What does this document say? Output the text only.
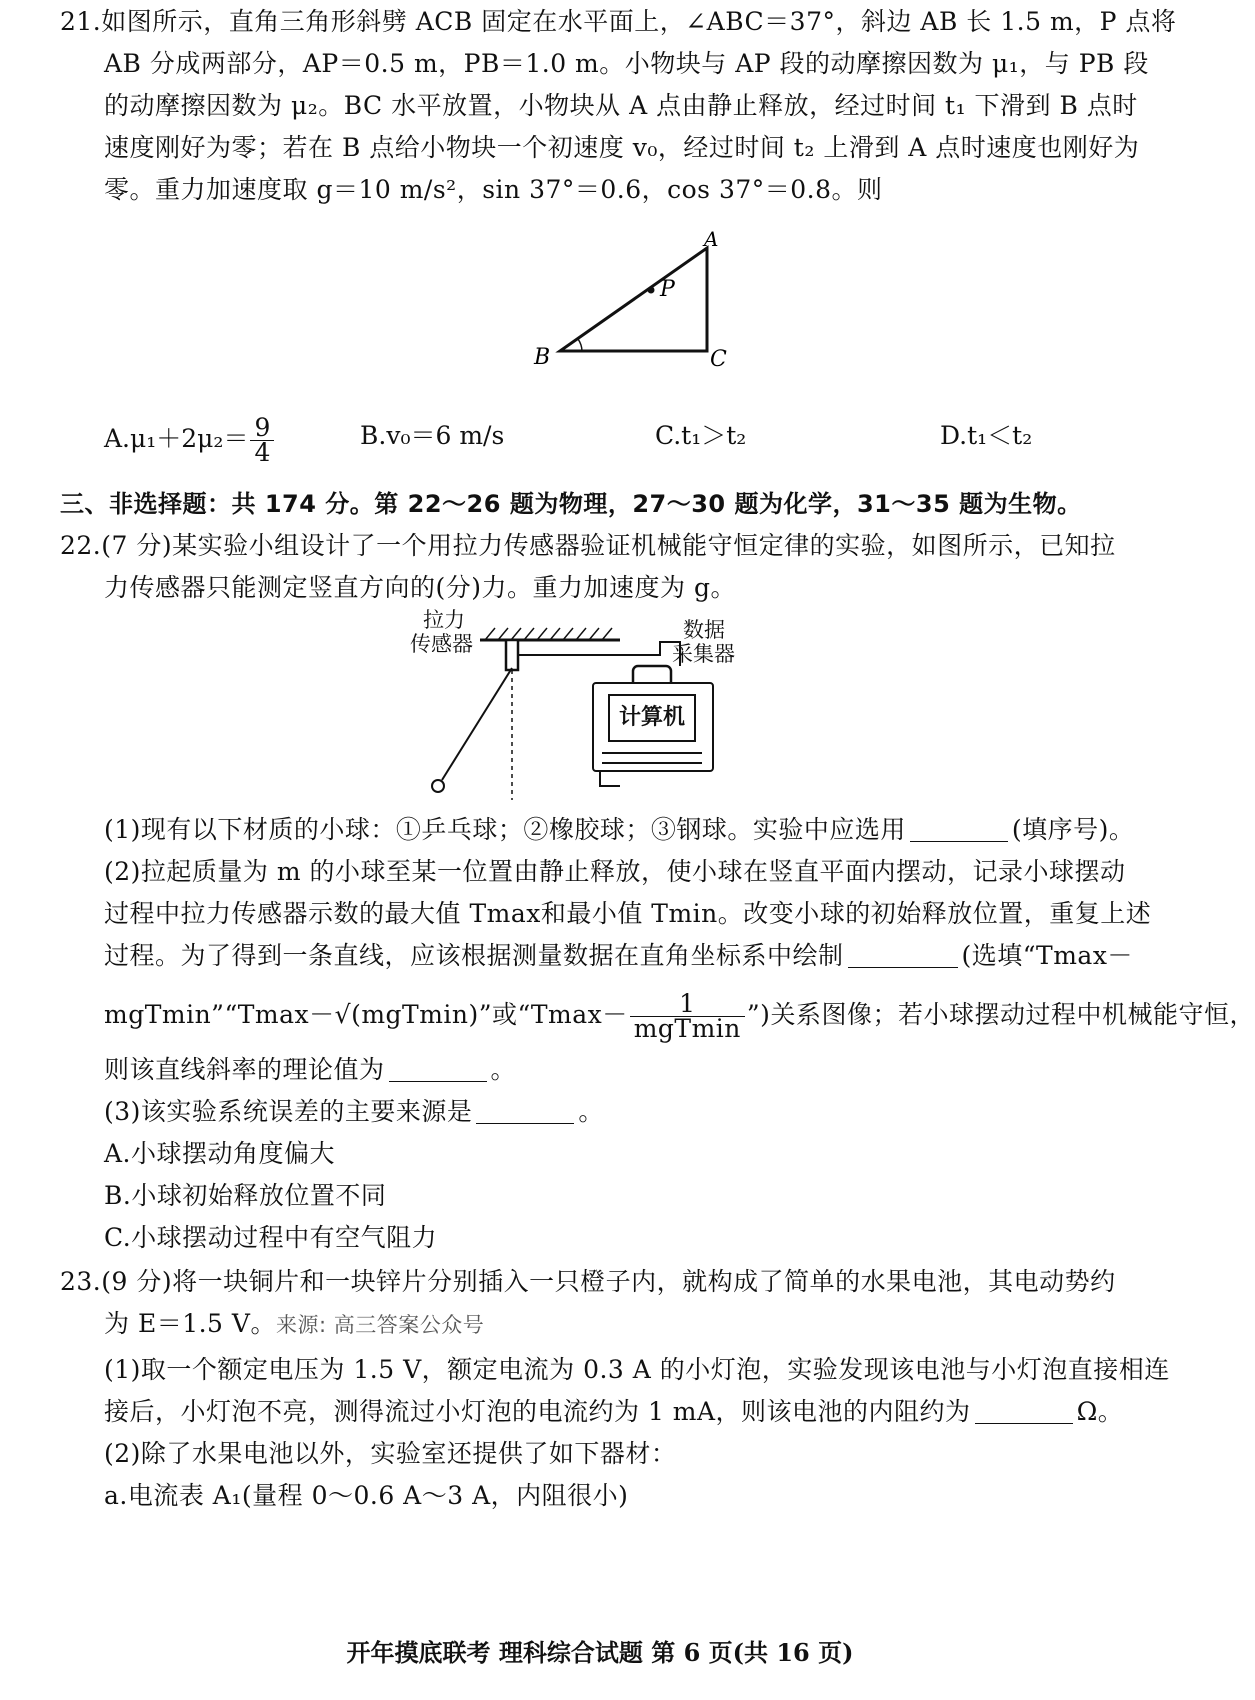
21.如图所示，直角三角形斜劈 ACB 固定在水平面上，∠ABC＝37°，斜边 AB 长 1.5 m，P 点将
AB 分成两部分，AP＝0.5 m，PB＝1.0 m。小物块与 AP 段的动摩擦因数为 μ₁，与 PB 段
的动摩擦因数为 μ₂。BC 水平放置，小物块从 A 点由静止释放，经过时间 t₁ 下滑到 B 点时
速度刚好为零；若在 B 点给小物块一个初速度 v₀，经过时间 t₂ 上滑到 A 点时速度也刚好为
零。重力加速度取 g＝10 m/s²，sin 37°＝0.6，cos 37°＝0.8。则
A
P
B	C
$A.\mu_1+2\mu_2= \frac{9}{4}$	B.v₀＝6 m/s	C.t₁＞t₂	D.t₁＜t₂
三、非选择题：共 174 分。第 22～26 题为物理，27～30 题为化学，31～35 题为生物。
22.(7 分)某实验小组设计了一个用拉力传感器验证机械能守恒定律的实验，如图所示，已知拉
力传感器只能测定竖直方向的(分)力。重力加速度为 g。
计算机
拉力
传感器
数据
采集器
(1)现有以下材质的小球：①乒乓球；②橡胶球；③钢球。实验中应选用	(填序号)。
(2)拉起质量为 m 的小球至某一位置由静止释放，使小球在竖直平面内摆动，记录小球摆动
过程中拉力传感器示数的最大值 Tmax和最小值 Tmin。改变小球的初始释放位置，重复上述
过程。为了得到一条直线，应该根据测量数据在直角坐标系中绘制	(选填“Tmax－
mgTmin”“Tmax－√(mgTmin)”或“$Tmax- \frac{1}{\text{mgTmin}}$ ”)关系图像；若小球摆动过程中机械能守恒，
则该直线斜率的理论值为	。
(3)该实验系统误差的主要来源是	。
A.小球摆动角度偏大
B.小球初始释放位置不同
C.小球摆动过程中有空气阻力
23.(9 分)将一块铜片和一块锌片分别插入一只橙子内，就构成了简单的水果电池，其电动势约
为 E＝1.5 V。来源: 高三答案公众号
(1)取一个额定电压为 1.5 V，额定电流为 0.3 A 的小灯泡，实验发现该电池与小灯泡直接相连
接后，小灯泡不亮，测得流过小灯泡的电流约为 1 mA，则该电池的内阻约为	Ω。
(2)除了水果电池以外，实验室还提供了如下器材：
a.电流表 A₁(量程 0～0.6 A～3 A，内阻很小)
开年摸底联考 理科综合试题 第 6 页(共 16 页)
